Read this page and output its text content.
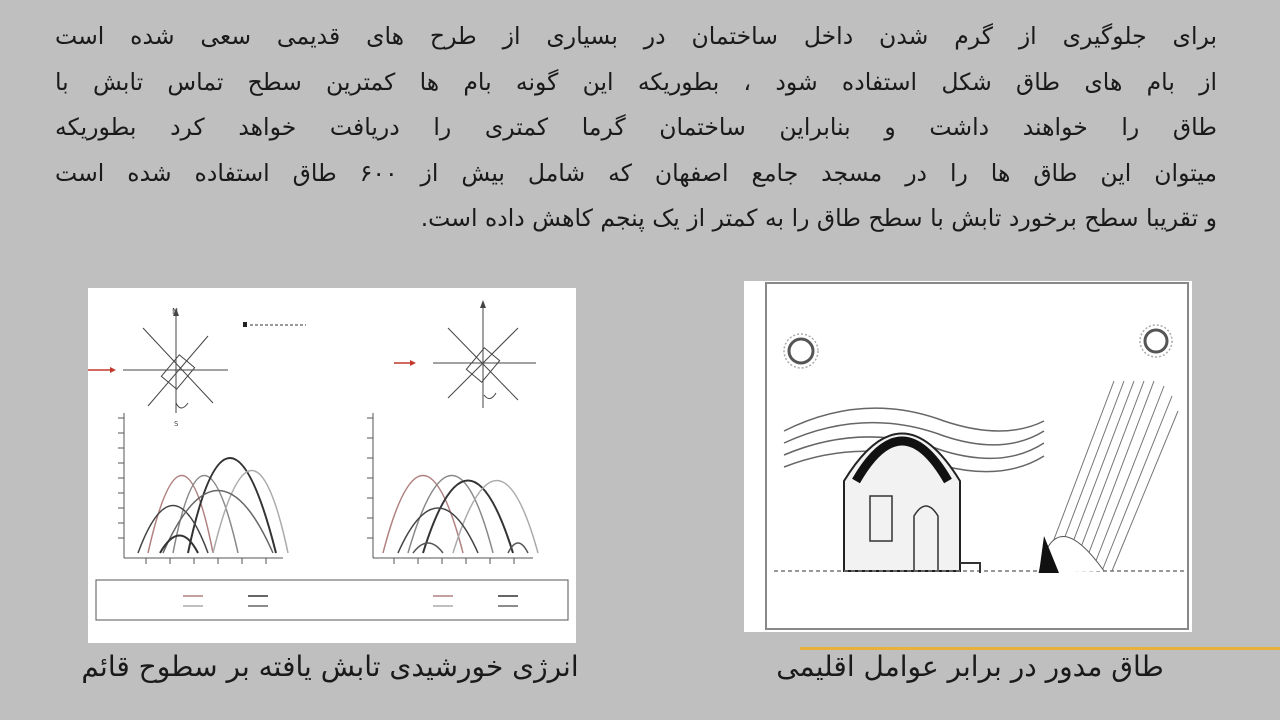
برای جلوگیری از گرم شدن داخل ساختمان در بسیاری از طرح های قدیمی سعی شده است
از بام های طاق شکل استفاده شود ، بطوریکه این گونه بام ها کمترین سطح تماس تابش با
طاق را خواهند داشت و بنابراین ساختمان گرما کمتری را دریافت خواهد کرد بطوریکه
میتوان این طاق ها را در مسجد جامع اصفهان که شامل بیش از ۶۰۰ طاق استفاده شده است
و تقریبا سطح برخورد تابش با سطح طاق را به کمتر از یک پنجم کاهش داده است.
N
S
انرژی خورشیدی تابش یافته بر سطوح قائم	طاق مدور در برابر عوامل اقلیمی
